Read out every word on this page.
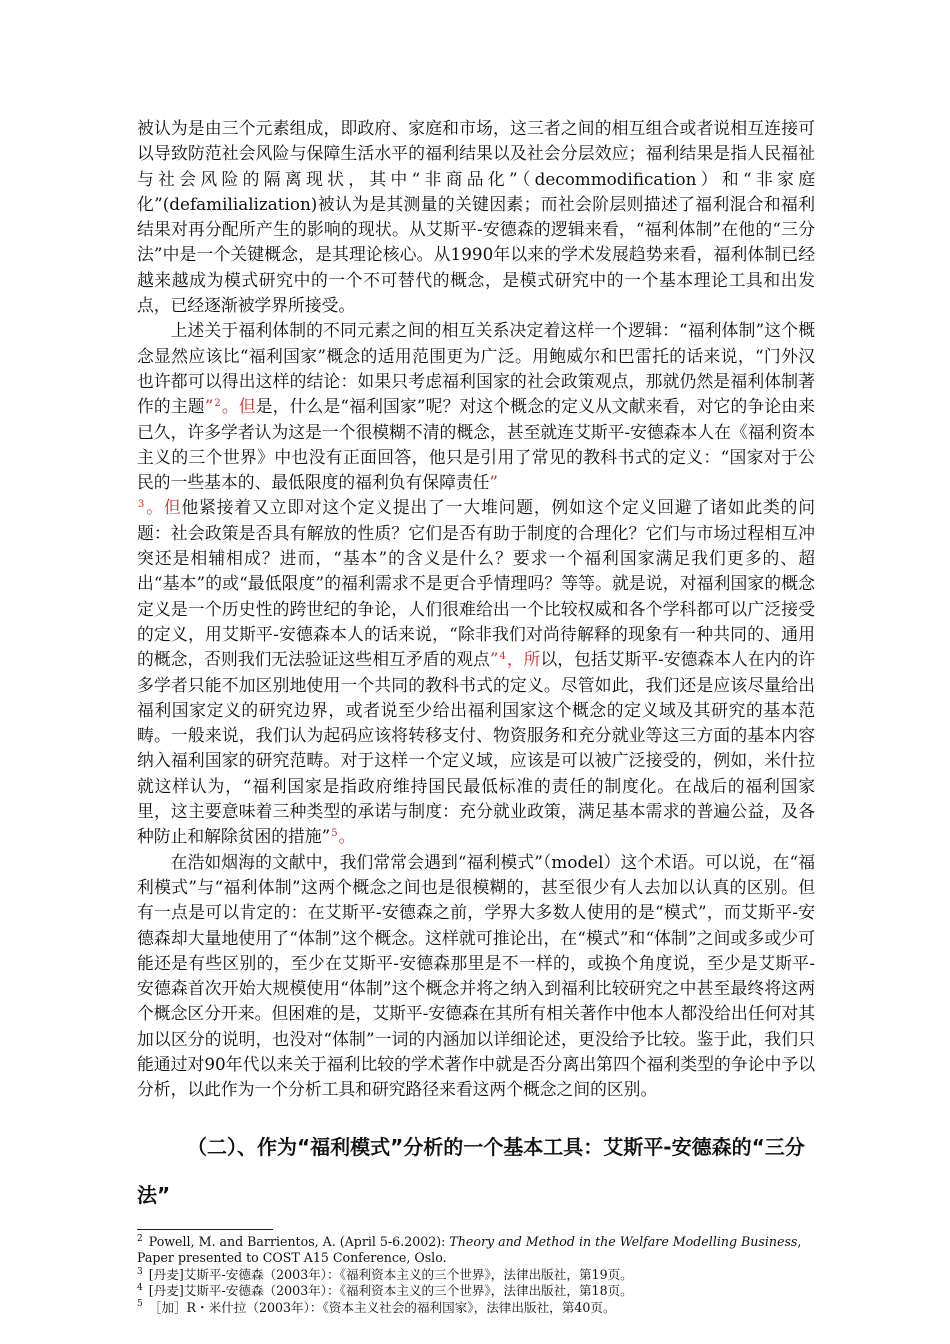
被认为是由三个元素组成，即政府、家庭和市场，这三者之间的相互组合或者说相互连接可以导致防范社会风险与保障生活水平的福利结果以及社会分层效应；福利结果是指人民福祉与社会风险的隔离现状，其中“非商品化”（decommodification）和“非家庭化”(defamilialization)被认为是其测量的关键因素；而社会阶层则描述了福利混合和福利结果对再分配所产生的影响的现状。从艾斯平-安德森的逻辑来看，“福利体制”在他的“三分法”中是一个关键概念，是其理论核心。从1990年以来的学术发展趋势来看，福利体制已经越来越成为模式研究中的一个不可替代的概念，是模式研究中的一个基本理论工具和出发点，已经逐渐被学界所接受。

上述关于福利体制的不同元素之间的相互关系决定着这样一个逻辑：“福利体制”这个概念显然应该比“福利国家”概念的适用范围更为广泛。用鲍威尔和巴雷托的话来说，“门外汉也许都可以得出这样的结论：如果只考虑福利国家的社会政策观点，那就仍然是福利体制著作的主题”$^2$。但是，什么是“福利国家”呢？对这个概念的定义从文献来看，对它的争论由来已久，许多学者认为这是一个很模糊不清的概念，甚至就连艾斯平-安德森本人在《福利资本主义的三个世界》中也没有正面回答，他只是引用了常见的教科书式的定义：“国家对于公民的一些基本的、最低限度的福利负有保障责任”
$^3$。但他紧接着又立即对这个定义提出了一大堆问题，例如这个定义回避了诸如此类的问题：社会政策是否具有解放的性质？它们是否有助于制度的合理化？它们与市场过程相互冲突还是相辅相成？进而，“基本”的含义是什么？要求一个福利国家满足我们更多的、超出“基本”的或“最低限度”的福利需求不是更合乎情理吗？等等。就是说，对福利国家的概念定义是一个历史性的跨世纪的争论，人们很难给出一个比较权威和各个学科都可以广泛接受的定义，用艾斯平-安德森本人的话来说，“除非我们对尚待解释的现象有一种共同的、通用的概念，否则我们无法验证这些相互矛盾的观点”$^4$，所以，包括艾斯平-安德森本人在内的许多学者只能不加区别地使用一个共同的教科书式的定义。尽管如此，我们还是应该尽量给出福利国家定义的研究边界，或者说至少给出福利国家这个概念的定义域及其研究的基本范畴。一般来说，我们认为起码应该将转移支付、物资服务和充分就业等这三方面的基本内容纳入福利国家的研究范畴。对于这样一个定义域，应该是可以被广泛接受的，例如，米什拉就这样认为，“福利国家是指政府维持国民最低标准的责任的制度化。在战后的福利国家里，这主要意味着三种类型的承诺与制度：充分就业政策，满足基本需求的普遍公益，及各种防止和解除贫困的措施”$^5$。

在浩如烟海的文献中，我们常常会遇到“福利模式”（model）这个术语。可以说，在“福利模式”与“福利体制”这两个概念之间也是很模糊的，甚至很少有人去加以认真的区别。但有一点是可以肯定的：在艾斯平-安德森之前，学界大多数人使用的是“模式”，而艾斯平-安德森却大量地使用了“体制”这个概念。这样就可推论出，在“模式”和“体制”之间或多或少可能还是有些区别的，至少在艾斯平-安德森那里是不一样的，或换个角度说，至少是艾斯平-安德森首次开始大规模使用“体制”这个概念并将之纳入到福利比较研究之中甚至最终将这两个概念区分开来。但困难的是，艾斯平-安德森在其所有相关著作中他本人都没给出任何对其加以区分的说明，也没对“体制”一词的内涵加以详细论述，更没给予比较。鉴于此，我们只能通过对90年代以来关于福利比较的学术著作中就是否分离出第四个福利类型的争论中予以分析，以此作为一个分析工具和研究路径来看这两个概念之间的区别。

（二）、作为“福利模式”分析的一个基本工具：艾斯平-安德森的“三分法”

$^2$ Powell, M. and Barrientos, A. (April 5-6.2002): Theory and Method in the Welfare Modelling Business, Paper presented to COST A15 Conference, Oslo.

$^3$ [丹麦]艾斯平-安德森（2003年）：《福利资本主义的三个世界》，法律出版社，第19页。

$^4$ [丹麦]艾斯平-安德森（2003年）：《福利资本主义的三个世界》，法律出版社，第18页。

$^5$ ［加］R・米什拉（2003年）：《资本主义社会的福利国家》，法律出版社，第40页。
